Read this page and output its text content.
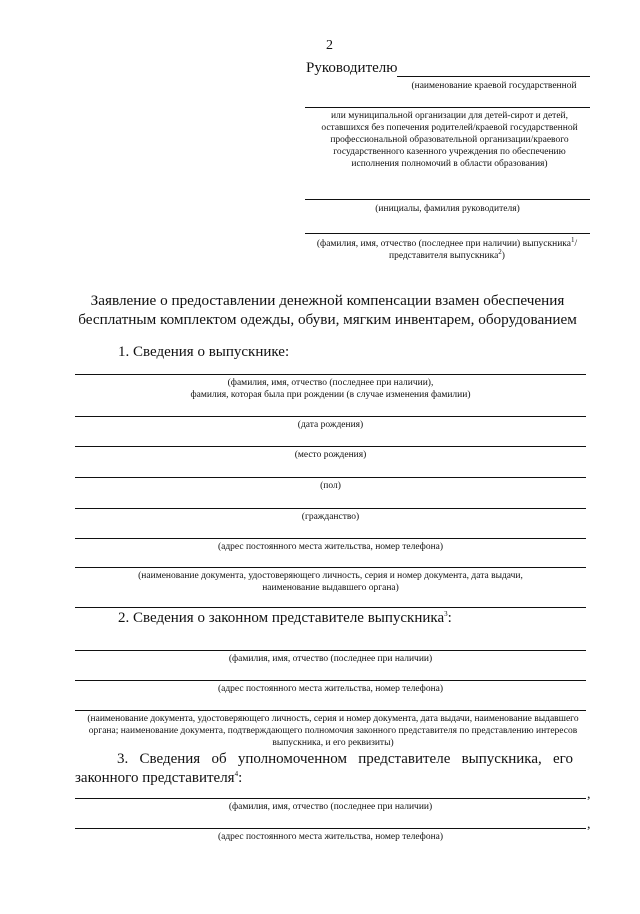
2
Руководителю
(наименование краевой государственной
или муниципальной организации для детей-сирот и детей, оставшихся без попечения родителей/краевой государственной профессиональной образовательной организации/краевого государственного казенного учреждения по обеспечению исполнения полномочий в области образования)
(инициалы, фамилия руководителя)
(фамилия, имя, отчество (последнее при наличии) выпускника$^1$/
представителя выпускника$^2$)
Заявление о предоставлении денежной компенсации взамен обеспечения бесплатным комплектом одежды, обуви, мягким инвентарем, оборудованием
1. Сведения о выпускнике:
(фамилия, имя, отчество (последнее при наличии),
фамилия, которая была при рождении (в случае изменения фамилии)
(дата рождения)
(место рождения)
(пол)
(гражданство)
(адрес постоянного места жительства, номер телефона)
(наименование документа, удостоверяющего личность, серия и номер документа, дата выдачи,
наименование выдавшего органа)
2. Сведения о законном представителе выпускника$^3$:
(фамилия, имя, отчество (последнее при наличии)
(адрес постоянного места жительства, номер телефона)
(наименование документа, удостоверяющего личность, серия и номер документа, дата выдачи, наименование выдавшего органа; наименование документа, подтверждающего полномочия законного представителя по представлению интересов выпускника, и его реквизиты)
3.   Сведения   об   уполномоченном   представителе   выпускника,   его
законного представителя$^4$:
,
(фамилия, имя, отчество (последнее при наличии)
,
(адрес постоянного места жительства, номер телефона)
